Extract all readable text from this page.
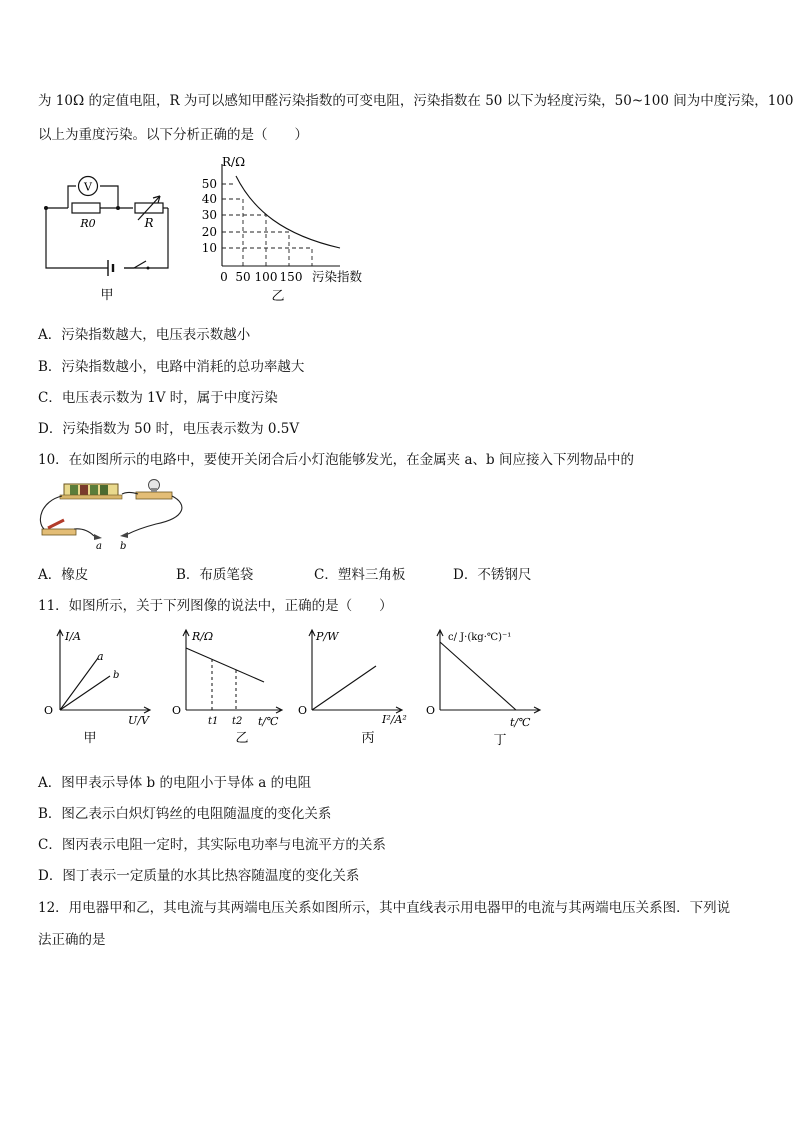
为 10Ω 的定值电阻，R 为可以感知甲醛污染指数的可变电阻，污染指数在 50 以下为轻度污染，50~100 间为中度污染，100
以上为重度污染。以下分析正确的是（　　）
V
R0	R
甲
R/Ω
50
40
30
20
10
0 50 100 150 污染指数
乙
A．污染指数越大，电压表示数越小
B．污染指数越小，电路中消耗的总功率越大
C．电压表示数为 1V 时，属于中度污染
D．污染指数为 50 时，电压表示数为 0.5V
10．在如图所示的电路中，要使开关闭合后小灯泡能够发光，在金属夹 a、b 间应接入下列物品中的
a b
A．橡皮	B．布质笔袋	C．塑料三角板	D．不锈钢尺
11．如图所示，关于下列图像的说法中，正确的是（　　）
I/A
a
b
O
U/V
甲
R/Ω
O
t1 t2 t/℃
乙
P/W
O
I²/A²
丙
c/ J·(kg·℃)⁻¹
O
t/℃
丁
A．图甲表示导体 b 的电阻小于导体 a 的电阻
B．图乙表示白炽灯钨丝的电阻随温度的变化关系
C．图丙表示电阻一定时，其实际电功率与电流平方的关系
D．图丁表示一定质量的水其比热容随温度的变化关系
12．用电器甲和乙，其电流与其两端电压关系如图所示，其中直线表示用电器甲的电流与其两端电压关系图．下列说
法正确的是
